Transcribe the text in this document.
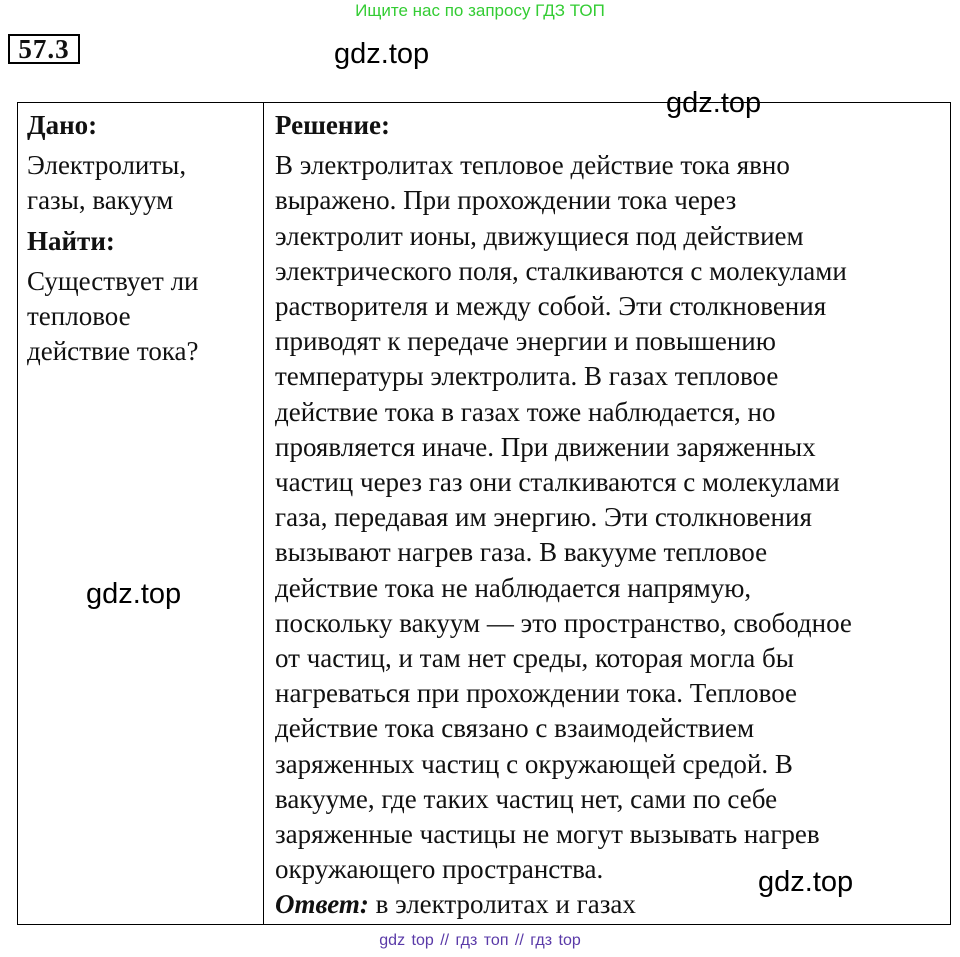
Ищите нас по запросу ГДЗ ТОП
57.3	gdz.top
gdz.top
Дано:
Электролиты,
газы, вакуум
Найти:
Существует ли
тепловое
действие тока?
Решение:
В электролитах тепловое действие тока явно
выражено. При прохождении тока через
электролит ионы, движущиеся под действием
электрического поля, сталкиваются с молекулами
растворителя и между собой. Эти столкновения
приводят к передаче энергии и повышению
температуры электролита. В газах тепловое
действие тока в газах тоже наблюдается, но
проявляется иначе. При движении заряженных
частиц через газ они сталкиваются с молекулами
газа, передавая им энергию. Эти столкновения
вызывают нагрев газа. В вакууме тепловое
действие тока не наблюдается напрямую,
поскольку вакуум — это пространство, свободное
от частиц, и там нет среды, которая могла бы
нагреваться при прохождении тока. Тепловое
действие тока связано с взаимодействием
заряженных частиц с окружающей средой. В
вакууме, где таких частиц нет, сами по себе
заряженные частицы не могут вызывать нагрев
окружающего пространства.
Ответ: в электролитах и газах
gdz.top
gdz.top
gdz top // гдз топ // гдз top
